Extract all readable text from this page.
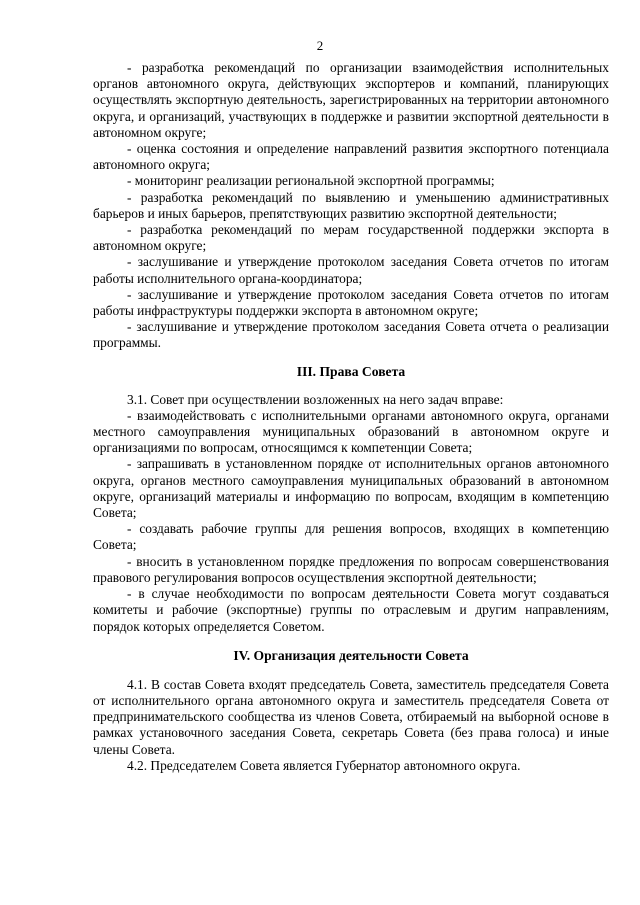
2

- разработка рекомендаций по организации взаимодействия исполнительных органов автономного округа, действующих экспортеров и компаний, планирующих осуществлять экспортную деятельность, зарегистрированных на территории автономного округа, и организаций, участвующих в поддержке и развитии экспортной деятельности в автономном округе;

- оценка состояния и определение направлений развития экспортного потенциала автономного округа;

- мониторинг реализации региональной экспортной программы;

- разработка рекомендаций по выявлению и уменьшению административных барьеров и иных барьеров, препятствующих развитию экспортной деятельности;

- разработка рекомендаций по мерам государственной поддержки экспорта в автономном округе;

- заслушивание и утверждение протоколом заседания Совета отчетов по итогам работы исполнительного органа-координатора;

- заслушивание и утверждение протоколом заседания Совета отчетов по итогам работы инфраструктуры поддержки экспорта в автономном округе;

- заслушивание и утверждение протоколом заседания Совета отчета о реализации программы.

III. Права Совета

3.1. Совет при осуществлении возложенных на него задач вправе:

- взаимодействовать с исполнительными органами автономного округа, органами местного самоуправления муниципальных образований в автономном округе и организациями по вопросам, относящимся к компетенции Совета;

- запрашивать в установленном порядке от исполнительных органов автономного округа, органов местного самоуправления муниципальных образований в автономном округе, организаций материалы и информацию по вопросам, входящим в компетенцию Совета;

- создавать рабочие группы для решения вопросов, входящих в компетенцию Совета;

- вносить в установленном порядке предложения по вопросам совершенствования правового регулирования вопросов осуществления экспортной деятельности;

- в случае необходимости по вопросам деятельности Совета могут создаваться комитеты и рабочие (экспортные) группы по отраслевым и другим направлениям, порядок которых определяется Советом.

IV. Организация деятельности Совета

4.1. В состав Совета входят председатель Совета, заместитель председателя Совета от исполнительного органа автономного округа и заместитель председателя Совета от предпринимательского сообщества из членов Совета, отбираемый на выборной основе в рамках установочного заседания Совета, секретарь Совета (без права голоса) и иные члены Совета.

4.2. Председателем Совета является Губернатор автономного округа.
